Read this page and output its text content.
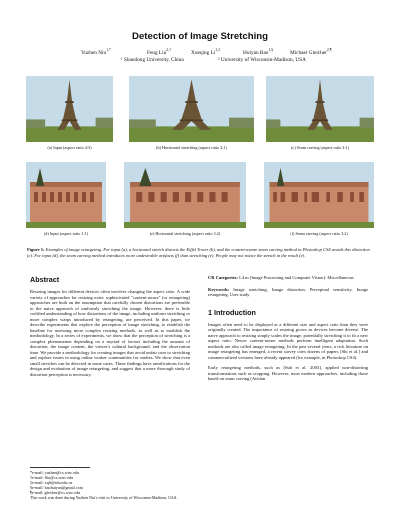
Detection of Image Stretching
Yuzhen Niu$^{1,*}$	Feng Liu$^{2,\dagger}$	Xueqing $Li^{1,\ddagger}$	Huiyan Bao$^{1,\S}$	Michael Gleicher$^{2,\P}$
¹ Shandong University, China	² University of Wisconsin-Madison, USA
(a) Input (aspect ratio 4:3)	(b) Horizontal stretching (aspect ratio 2:1)	(c) Seam carving (aspect ratio 2:1)
(d) Input (aspect ratio 1:1)	(e) Horizontal stretching (aspect ratio 3:2)	(f) Seam carving (aspect ratio 3:2)
Figure 1: Examples of image retargeting. For input (a), a horizontal stretch distorts the Eiffel Tower (b), and the content-aware seam carving method in Photoshop CS4 avoids this distortion (c). For input (d), the seam carving method introduces more undesirable artifacts (f) than stretching (e). People may not notice the stretch in the result (e).
Abstract

Resizing images for different devices often involves changing the aspect ratio. A wide variety of approaches for resizing exist: sophisticated "content-aware" (or retargeting) approaches are built on the assumption that carefully chosen distortions are preferable to the naive approach of uniformly stretching the image. However, there is little codified understanding of how distortions of the image, including uniform stretching or more complex warps introduced by retargeting, are perceived. In this paper, we describe experiments that explore the perception of image stretching, to establish the baseline for assessing more complex resizing methods, as well as to establish the methodology. In a series of experiments, we show that the perception of stretching is a complex phenomenon depending on a myriad of factors including the amount of distortion, the image content, the viewer's cultural background, and the observation time. We provide a methodology for creating images that avoid unfair cues to stretching and explore issues in using online worker communities for studies. We show that even small stretches can be detected in some cases. These findings have ramifications for the design and evaluation of image retargeting, and suggest that a more thorough study of distortion perception is necessary.

*e-mail: yuzhen@cs.wisc.edu
†e-mail: fliu@cs.wisc.edu
‡e-mail: xqli@sdu.edu.cn
§e-mail: baohuiyan@gmail.com
¶e-mail: gleicher@cs.wisc.edu
This work was done during Yuzhen Niu's visit to University of Wisconsin-Madison, USA.

CR Categories: I.4.m [Image Processing and Computer Vision]: Miscellaneous

Keywords: Image stretching, Image distortion, Perceptual sensitivity, Image retargeting, User study

1 Introduction

Images often need to be displayed at a different size and aspect ratio than they were originally created. The importance of resizing grows as devices become diverse. The naive approach to resizing simply scales the image, potentially stretching it to fit a new aspect ratio. Newer content-aware methods perform intelligent adaptation. Such methods are also called image retargeting. In the past several years, a rich literature on image retargeting has emerged, a recent survey cites dozens of papers [Shi et al.] and commercialized versions have already appeared (for example, in Photoshop CS4).

Early retargeting methods, such as [Suh et al. 2003], applied non-distorting transformations such as cropping. However, most modern approaches, including those based on seam carving [Avidan
